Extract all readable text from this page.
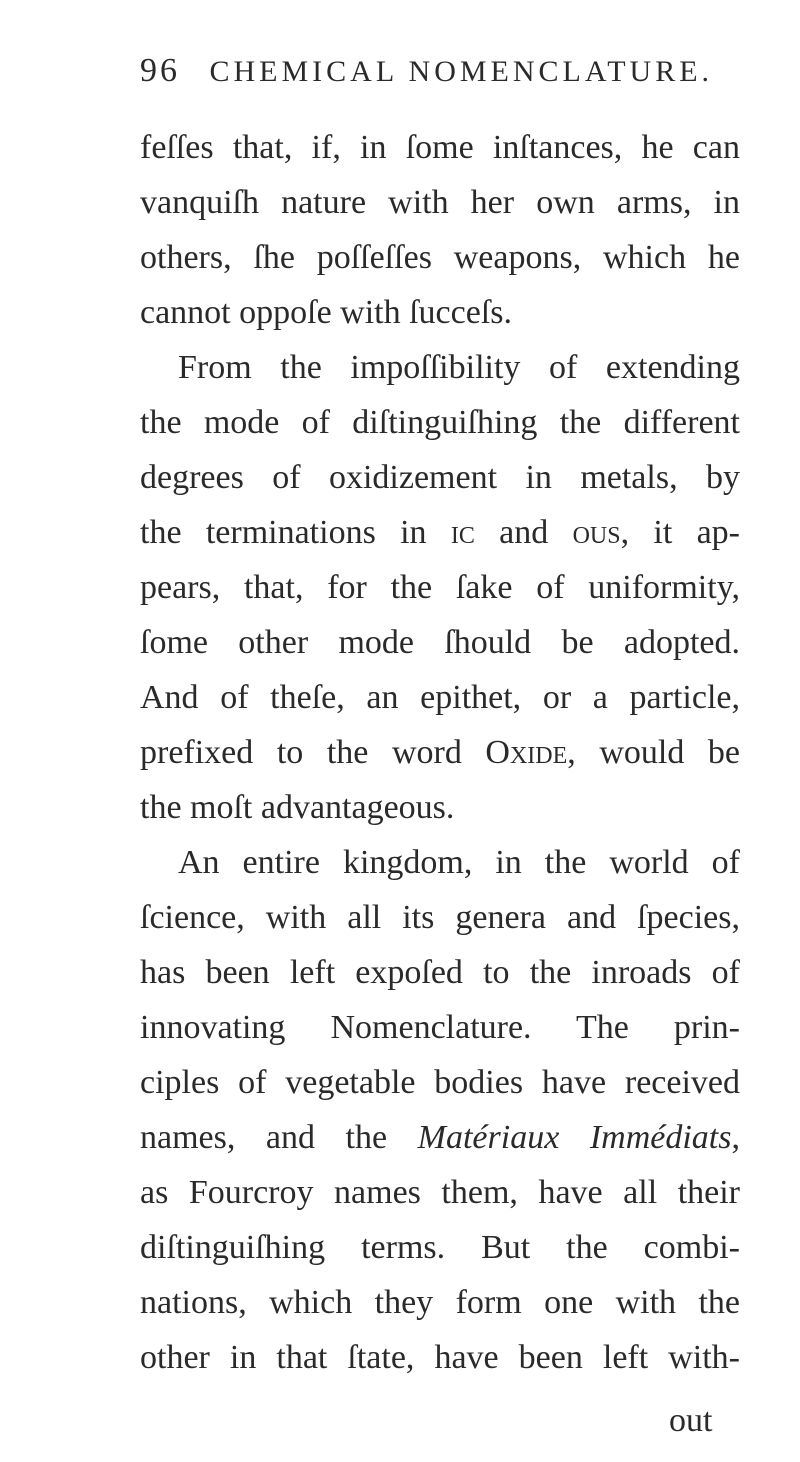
96 CHEMICAL NOMENCLATURE.
feſſes that, if, in ſome inſtances, he can
vanquiſh nature with her own arms, in
others, ſhe poſſeſſes weapons, which he
cannot oppoſe with ſucceſs.
From the impoſſibility of extending
the mode of diſtinguiſhing the different
degrees of oxidizement in metals, by
the terminations in ic and ous, it ap-
pears, that, for the ſake of uniformity,
ſome other mode ſhould be adopted.
And of theſe, an epithet, or a particle,
prefixed to the word Oxide, would be
the moſt advantageous.
An entire kingdom, in the world of
ſcience, with all its genera and ſpecies,
has been left expoſed to the inroads of
innovating Nomenclature. The prin-
ciples of vegetable bodies have received
names, and the Matériaux Immédiats,
as Fourcroy names them, have all their
diſtinguiſhing terms. But the combi-
nations, which they form one with the
other in that ſtate, have been left with-
out
